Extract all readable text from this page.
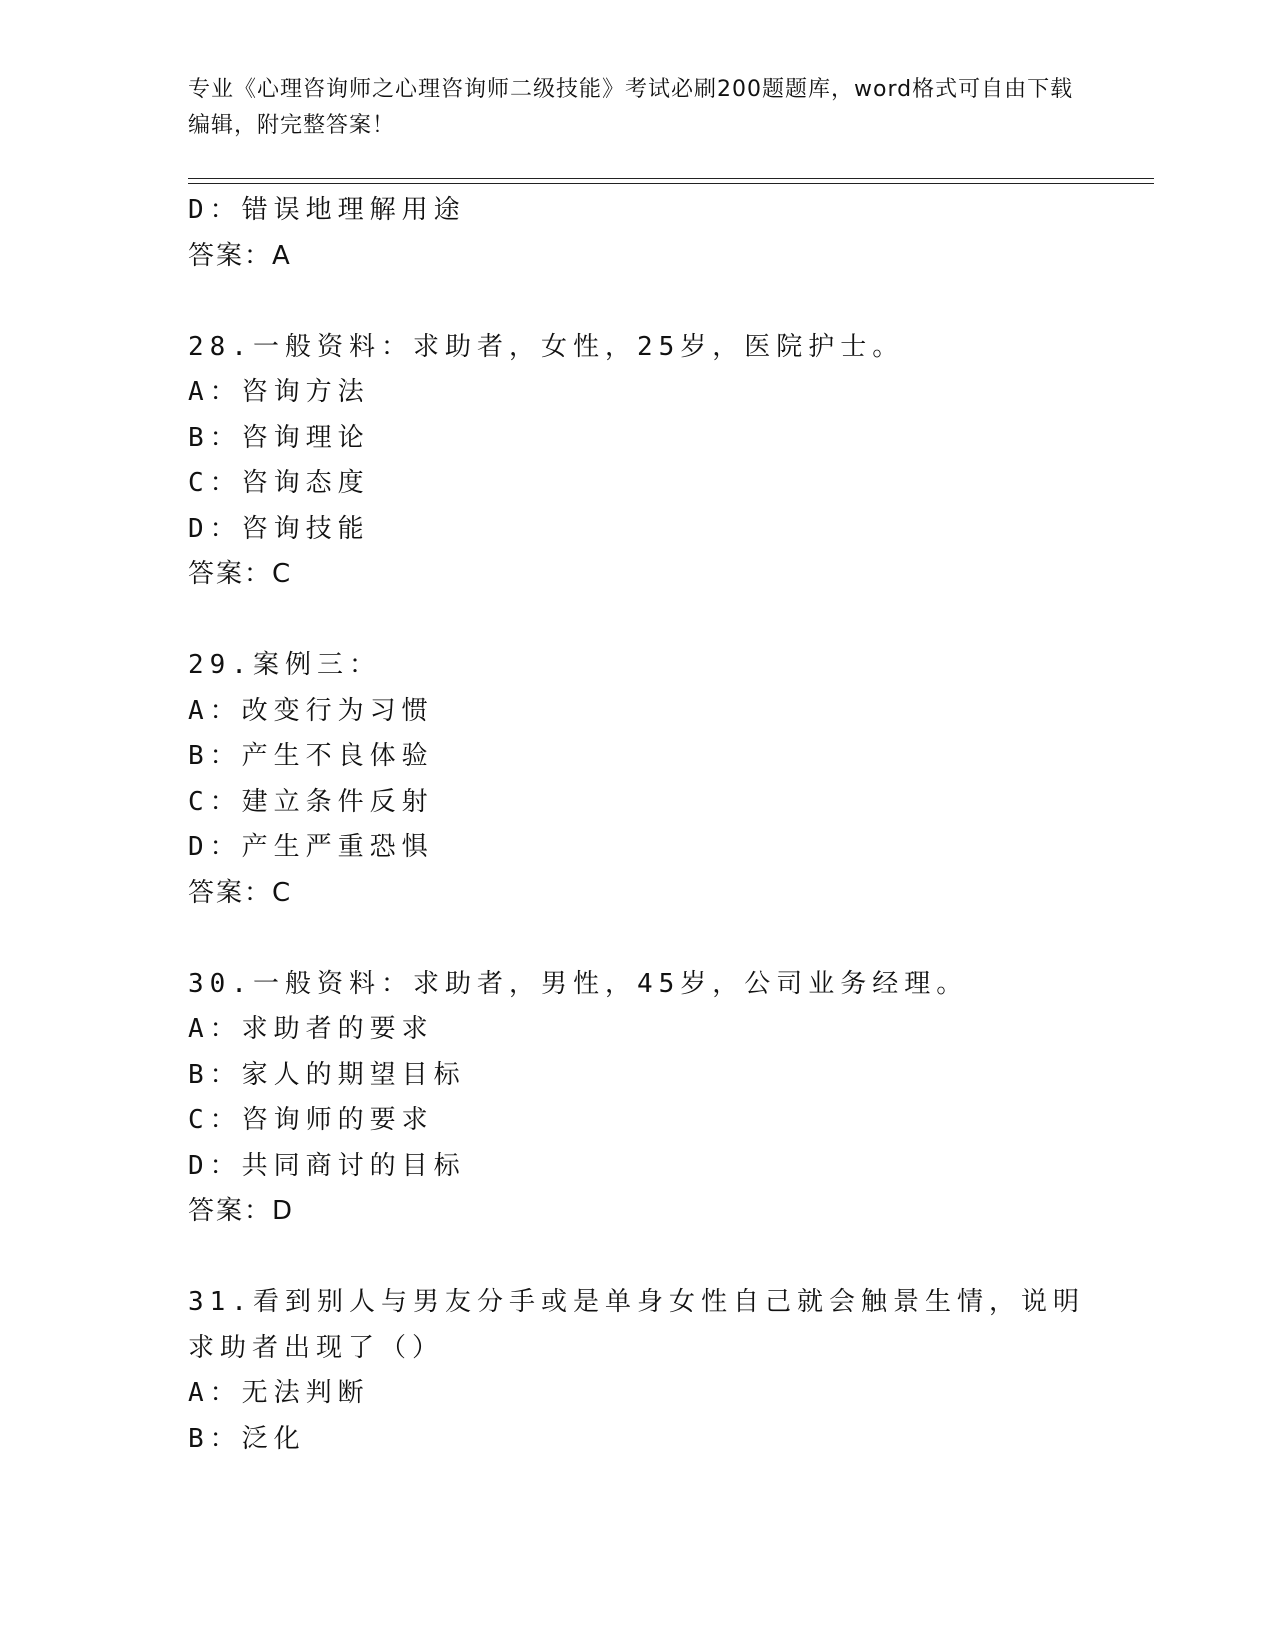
专业《心理咨询师之心理咨询师二级技能》考试必刷200题题库，word格式可自由下载编辑，附完整答案！
D：错误地理解用途
答案：A
28.一般资料：求助者，女性，25岁，医院护士。
A：咨询方法
B：咨询理论
C：咨询态度
D：咨询技能
答案：C
29.案例三：
A：改变行为习惯
B：产生不良体验
C：建立条件反射
D：产生严重恐惧
答案：C
30.一般资料：求助者，男性，45岁，公司业务经理。
A：求助者的要求
B：家人的期望目标
C：咨询师的要求
D：共同商讨的目标
答案：D
31.看到别人与男友分手或是单身女性自己就会触景生情，说明求助者出现了（）
A：无法判断
B：泛化
